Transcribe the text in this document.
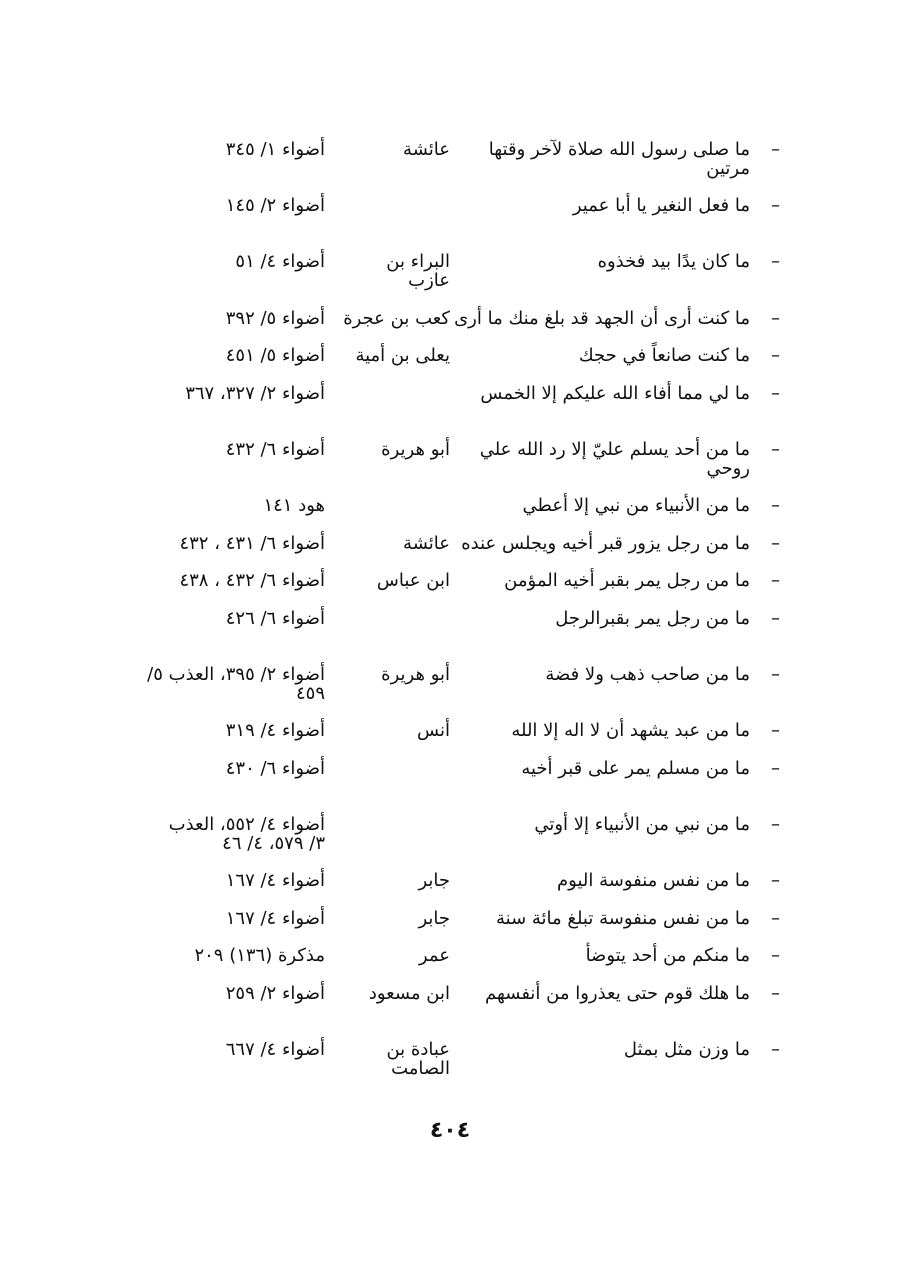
–
ما صلى رسول الله صلاة لآخر وقتها
عائشة
أضواء ١/ ٣٤٥
مرتين
–
ما فعل النغير يا أبا عمير
أضواء ٢/ ١٤٥
–
ما كان يدًا بيد فخذوه
البراء بن
أضواء ٤/ ٥١
عازب
–
ما كنت أرى أن الجهد قد بلغ منك ما أرى
كعب بن عجرة
أضواء ٥/ ٣٩٢
–
ما كنت صانعاً في حجك
يعلى بن أمية
أضواء ٥/ ٤٥١
–
ما لي مما أفاء الله عليكم إلا الخمس
أضواء ٢/ ٣٢٧، ٣٦٧
–
ما من أحد يسلم عليّ إلا رد الله علي
أبو هريرة
أضواء ٦/ ٤٣٢
روحي
–
ما من الأنبياء من نبي إلا أعطي
هود ١٤١
–
ما من رجل يزور قبر أخيه ويجلس عنده
عائشة
أضواء ٦/ ٤٣١ ، ٤٣٢
–
ما من رجل يمر بقبر أخيه المؤمن
ابن عباس
أضواء ٦/ ٤٣٢ ، ٤٣٨
–
ما من رجل يمر بقبرالرجل
أضواء ٦/ ٤٢٦
–
ما من صاحب ذهب ولا فضة
أبو هريرة
أضواء ٢/ ٣٩٥، العذب ٥/
٤٥٩
–
ما من عبد يشهد أن لا اله إلا الله
أنس
أضواء ٤/ ٣١٩
–
ما من مسلم يمر على قبر أخيه
أضواء ٦/ ٤٣٠
–
ما من نبي من الأنبياء إلا أوتي
أضواء ٤/ ٥٥٢، العذب
٣/ ٥٧٩، ٤/ ٤٦
–
ما من نفس منفوسة اليوم
جابر
أضواء ٤/ ١٦٧
–
ما من نفس منفوسة تبلغ مائة سنة
جابر
أضواء ٤/ ١٦٧
–
ما منكم من أحد يتوضأ
عمر
مذكرة (١٣٦) ٢٠٩
–
ما هلك قوم حتى يعذروا من أنفسهم
ابن مسعود
أضواء ٢/ ٢٥٩
–
ما وزن مثل بمثل
عبادة بن
أضواء ٤/ ٦٦٧
الصامت
٤٠٤
